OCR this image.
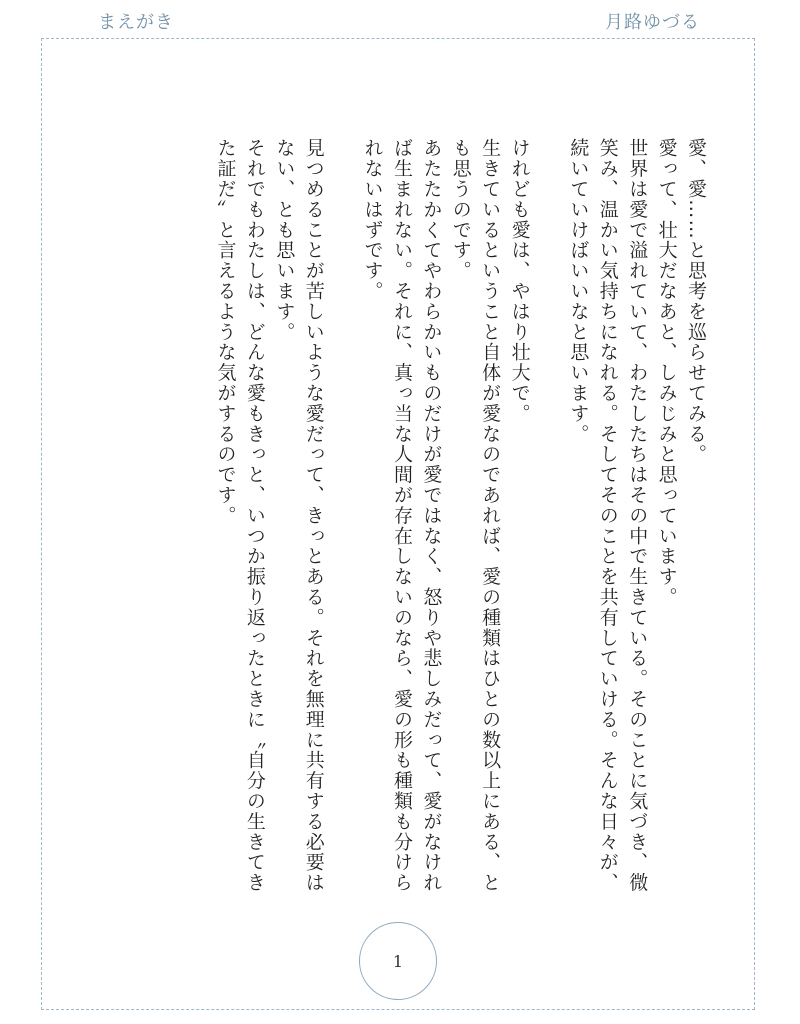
まえがき	月路ゆづる

愛、愛……と思考を巡らせてみる。

愛って、壮大だなあと、しみじみと思っています。

世界は愛で溢れていて、わたしたちはその中で生きている。そのことに気づき、微笑み、温かい気持ちになれる。そしてそのことを共有していける。そんな日々が、続いていけばいいなと思います。

けれども愛は、やはり壮大で。

生きているということ自体が愛なのであれば、愛の種類はひとの数以上にある、とも思うのです。

あたたかくてやわらかいものだけが愛ではなく、怒りや悲しみだって、愛がなければ生まれない。それに、真っ当な人間が存在しないのなら、愛の形も種類も分けられないはずです。

見つめることが苦しいような愛だって、きっとある。それを無理に共有する必要はない、とも思います。

それでもわたしは、どんな愛もきっと、いつか振り返ったときに〝自分の生きてきた証だ〟と言えるような気がするのです。

1
